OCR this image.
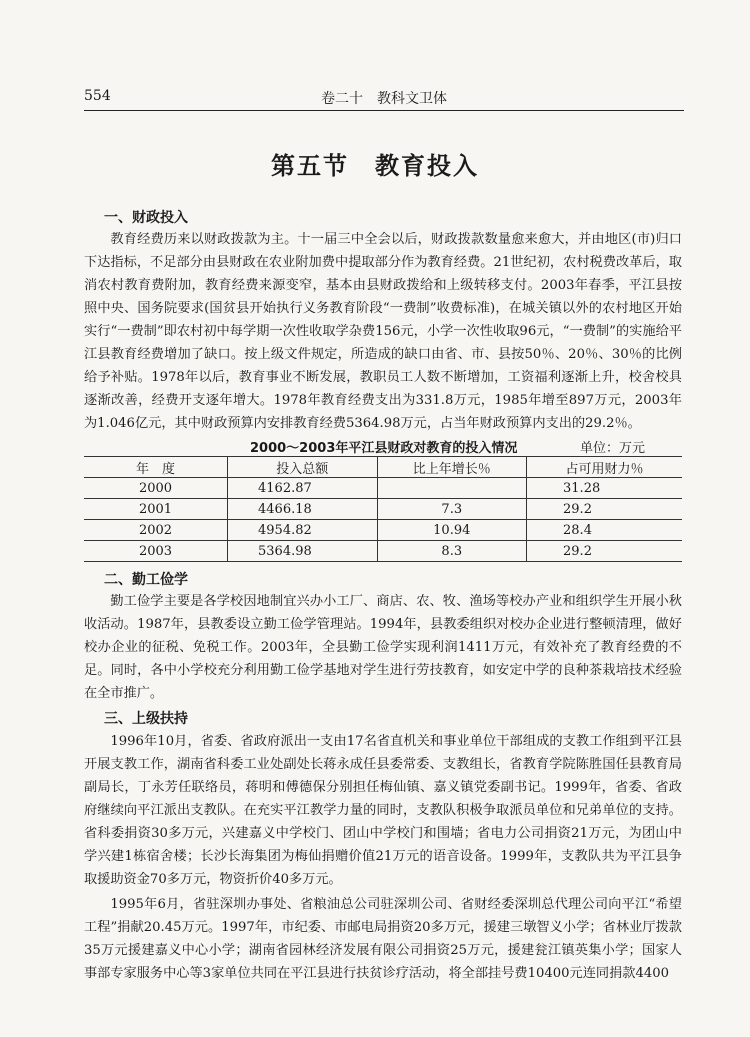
554	卷二十　教科文卫体
第五节　教育投入
一、财政投入

教育经费历来以财政拨款为主。十一届三中全会以后，财政拨款数量愈来愈大，并由地区(市)归口下达指标，不足部分由县财政在农业附加费中提取部分作为教育经费。21世纪初，农村税费改革后，取消农村教育费附加，教育经费来源变窄，基本由县财政拨给和上级转移支付。2003年春季，平江县按照中央、国务院要求(国贫县开始执行义务教育阶段“一费制”收费标准)，在城关镇以外的农村地区开始实行“一费制”即农村初中每学期一次性收取学杂费156元，小学一次性收取96元，“一费制”的实施给平江县教育经费增加了缺口。按上级文件规定，所造成的缺口由省、市、县按50％、20％、30％的比例给予补贴。1978年以后，教育事业不断发展，教职员工人数不断增加，工资福利逐渐上升，校舍校具逐渐改善，经费开支逐年增大。1978年教育经费支出为331.8万元，1985年增至897万元，2003年为1.046亿元，其中财政预算内安排教育经费5364.98万元，占当年财政预算内支出的29.2％。

2000～2003年平江县财政对教育的投入情况	单位：万元
年　度	投入总额	比上年增长％	占可用财力％
2000	4162.87		31.28
2001	4466.18	7.3	29.2
2002	4954.82	10.94	28.4
2003	5364.98	8.3	29.2
二、勤工俭学

勤工俭学主要是各学校因地制宜兴办小工厂、商店、农、牧、渔场等校办产业和组织学生开展小秋收活动。1987年，县教委设立勤工俭学管理站。1994年，县教委组织对校办企业进行整顿清理，做好校办企业的征税、免税工作。2003年，全县勤工俭学实现利润1411万元，有效补充了教育经费的不足。同时，各中小学校充分利用勤工俭学基地对学生进行劳技教育，如安定中学的良种茶栽培技术经验在全市推广。

三、上级扶持

1996年10月，省委、省政府派出一支由17名省直机关和事业单位干部组成的支教工作组到平江县开展支教工作，湖南省科委工业处副处长蒋永成任县委常委、支教组长，省教育学院陈胜国任县教育局副局长，丁永芳任联络员，蒋明和傅德保分别担任梅仙镇、嘉义镇党委副书记。1999年，省委、省政府继续向平江派出支教队。在充实平江教学力量的同时，支教队积极争取派员单位和兄弟单位的支持。省科委捐资30多万元，兴建嘉义中学校门、团山中学校门和围墙；省电力公司捐资21万元，为团山中学兴建1栋宿舍楼；长沙长海集团为梅仙捐赠价值21万元的语音设备。1999年，支教队共为平江县争取援助资金70多万元，物资折价40多万元。

1995年6月，省驻深圳办事处、省粮油总公司驻深圳公司、省财经委深圳总代理公司向平江“希望工程”捐献20.45万元。1997年，市纪委、市邮电局捐资20多万元，援建三墩智义小学；省林业厅拨款35万元援建嘉义中心小学；湖南省园林经济发展有限公司捐资25万元，援建瓮江镇英集小学；国家人事部专家服务中心等3家单位共同在平江县进行扶贫诊疗活动，将全部挂号费10400元连同捐款4400
